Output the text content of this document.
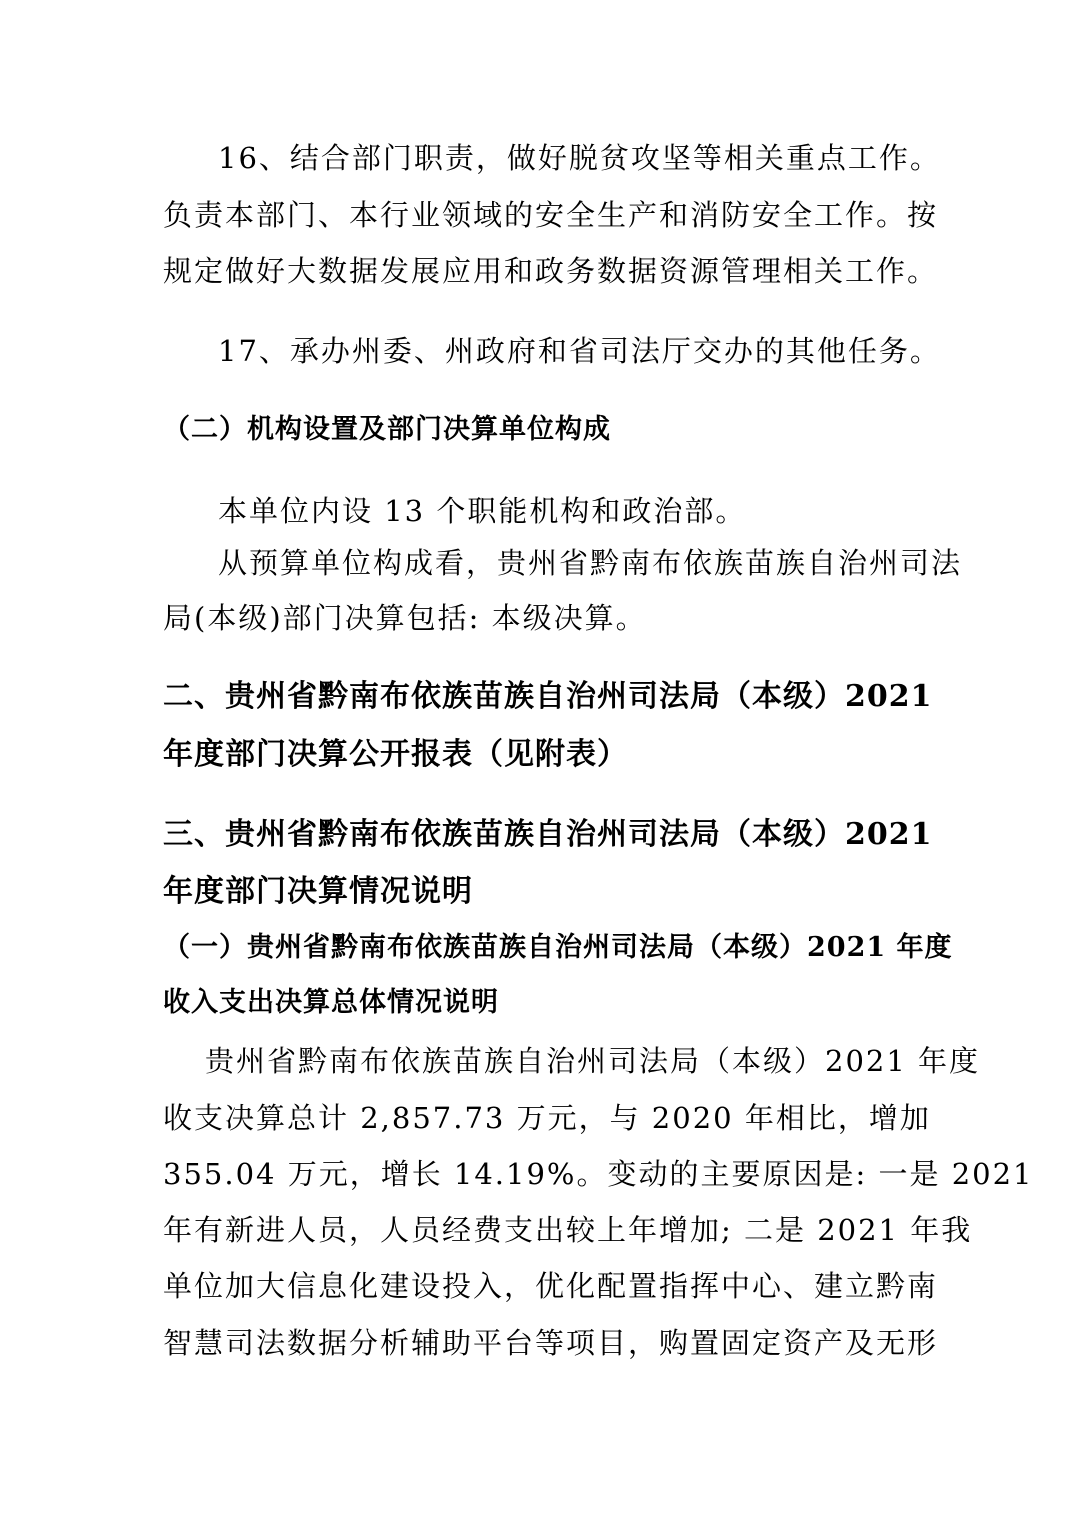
16、结合部门职责，做好脱贫攻坚等相关重点工作。
负责本部门、本行业领域的安全生产和消防安全工作。按
规定做好大数据发展应用和政务数据资源管理相关工作。
17、承办州委、州政府和省司法厅交办的其他任务。
（二）机构设置及部门决算单位构成
本单位内设 13 个职能机构和政治部。
从预算单位构成看，贵州省黔南布依族苗族自治州司法
局(本级)部门决算包括: 本级决算。
二、贵州省黔南布依族苗族自治州司法局（本级）2021
年度部门决算公开报表（见附表）
三、贵州省黔南布依族苗族自治州司法局（本级）2021
年度部门决算情况说明
（一）贵州省黔南布依族苗族自治州司法局（本级）2021 年度
收入支出决算总体情况说明
贵州省黔南布依族苗族自治州司法局（本级）2021 年度
收支决算总计 2,857.73 万元，与 2020 年相比，增加
355.04 万元，增长 14.19%。变动的主要原因是: 一是 2021
年有新进人员，人员经费支出较上年增加; 二是 2021 年我
单位加大信息化建设投入，优化配置指挥中心、建立黔南
智慧司法数据分析辅助平台等项目，购置固定资产及无形
